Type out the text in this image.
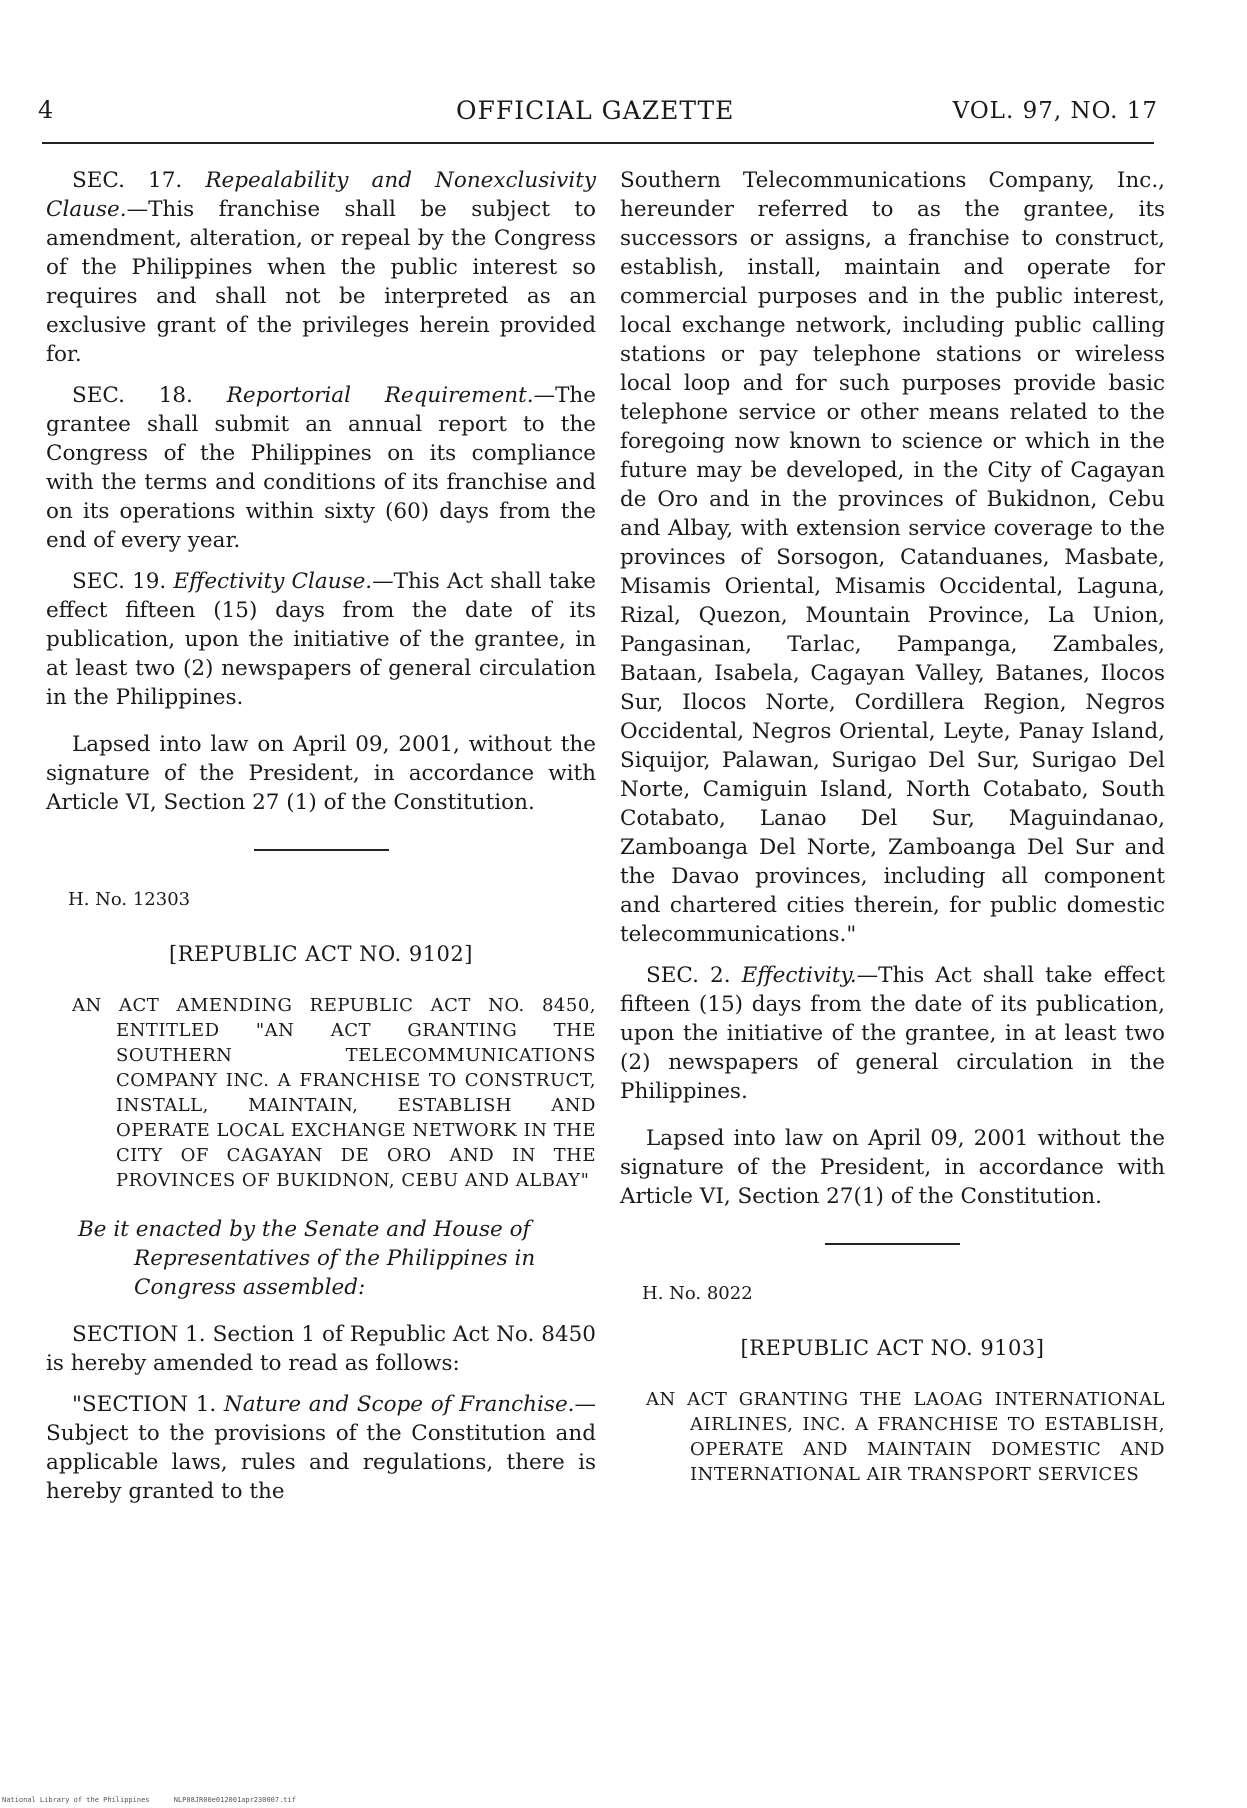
4	OFFICIAL GAZETTE	VOL. 97, NO. 17

SEC. 17. Repealability and Nonexclusivity Clause.—This franchise shall be subject to amendment, alteration, or repeal by the Congress of the Philippines when the public interest so requires and shall not be interpreted as an exclusive grant of the privileges herein provided for.

SEC. 18. Reportorial Requirement.—The grantee shall submit an annual report to the Congress of the Philippines on its compliance with the terms and conditions of its franchise and on its operations within sixty (60) days from the end of every year.

SEC. 19. Effectivity Clause.—This Act shall take effect fifteen (15) days from the date of its publication, upon the initiative of the grantee, in at least two (2) newspapers of general circulation in the Philippines.

Lapsed into law on April 09, 2001, without the signature of the President, in accordance with Article VI, Section 27 (1) of the Constitution.

H. No. 12303
[REPUBLIC ACT NO. 9102]

AN ACT AMENDING REPUBLIC ACT NO. 8450, ENTITLED "AN ACT GRANTING THE SOUTHERN TELECOMMUNICATIONS COMPANY INC. A FRANCHISE TO CONSTRUCT, INSTALL, MAINTAIN, ESTABLISH AND OPERATE LOCAL EXCHANGE NETWORK IN THE CITY OF CAGAYAN DE ORO AND IN THE PROVINCES OF BUKIDNON, CEBU AND ALBAY"

Be it enacted by the Senate and House of Representatives of the Philippines in Congress assembled:

SECTION 1. Section 1 of Republic Act No. 8450 is hereby amended to read as follows:

"SECTION 1. Nature and Scope of Franchise.—Subject to the provisions of the Constitution and applicable laws, rules and regulations, there is hereby granted to the

Southern Telecommunications Company, Inc., hereunder referred to as the grantee, its successors or assigns, a franchise to construct, establish, install, maintain and operate for commercial purposes and in the public interest, local exchange network, including public calling stations or pay telephone stations or wireless local loop and for such purposes provide basic telephone service or other means related to the foregoing now known to science or which in the future may be developed, in the City of Cagayan de Oro and in the provinces of Bukidnon, Cebu and Albay, with extension service coverage to the provinces of Sorsogon, Catanduanes, Masbate, Misamis Oriental, Misamis Occidental, Laguna, Rizal, Quezon, Mountain Province, La Union, Pangasinan, Tarlac, Pampanga, Zambales, Bataan, Isabela, Cagayan Valley, Batanes, Ilocos Sur, Ilocos Norte, Cordillera Region, Negros Occidental, Negros Oriental, Leyte, Panay Island, Siquijor, Palawan, Surigao Del Sur, Surigao Del Norte, Camiguin Island, North Cotabato, South Cotabato, Lanao Del Sur, Maguindanao, Zamboanga Del Norte, Zamboanga Del Sur and the Davao provinces, including all component and chartered cities therein, for public domestic telecommunications."

SEC. 2. Effectivity.—This Act shall take effect fifteen (15) days from the date of its publication, upon the initiative of the grantee, in at least two (2) newspapers of general circulation in the Philippines.

Lapsed into law on April 09, 2001 without the signature of the President, in accordance with Article VI, Section 27(1) of the Constitution.

H. No. 8022
[REPUBLIC ACT NO. 9103]

AN ACT GRANTING THE LAOAG INTERNATIONAL AIRLINES, INC. A FRANCHISE TO ESTABLISH, OPERATE AND MAINTAIN DOMESTIC AND INTERNATIONAL AIR TRANSPORT SERVICES

National Library of the Philippines	NLP08JR00e012001apr230007.tif
